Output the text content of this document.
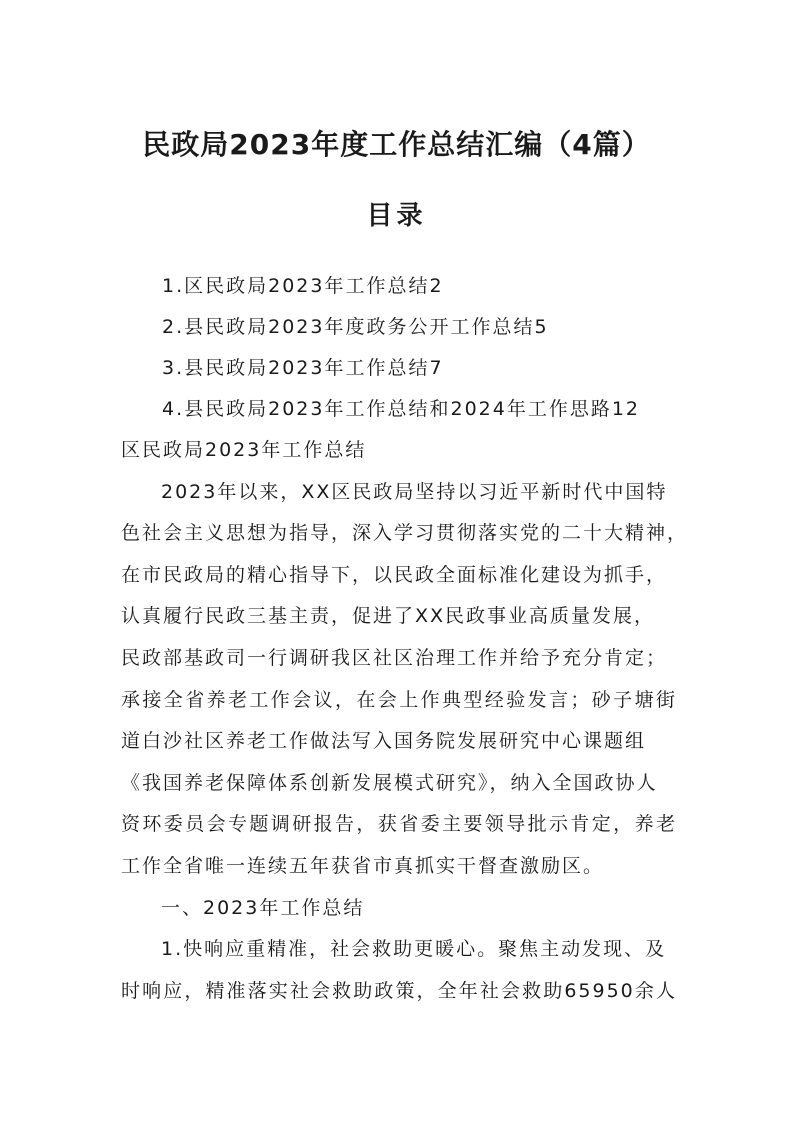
民政局2023年度工作总结汇编（4篇）
目录
1.区民政局2023年工作总结2
2.县民政局2023年度政务公开工作总结5
3.县民政局2023年工作总结7
4.县民政局2023年工作总结和2024年工作思路12
区民政局2023年工作总结
2023年以来，XX区民政局坚持以习近平新时代中国特
色社会主义思想为指导，深入学习贯彻落实党的二十大精神，
在市民政局的精心指导下，以民政全面标准化建设为抓手，
认真履行民政三基主责，促进了XX民政事业高质量发展，
民政部基政司一行调研我区社区治理工作并给予充分肯定；
承接全省养老工作会议，在会上作典型经验发言；砂子塘街
道白沙社区养老工作做法写入国务院发展研究中心课题组
《我国养老保障体系创新发展模式研究》，纳入全国政协人
资环委员会专题调研报告，获省委主要领导批示肯定，养老
工作全省唯一连续五年获省市真抓实干督查激励区。
一、2023年工作总结
1.快响应重精准，社会救助更暖心。聚焦主动发现、及
时响应，精准落实社会救助政策，全年社会救助65950余人
